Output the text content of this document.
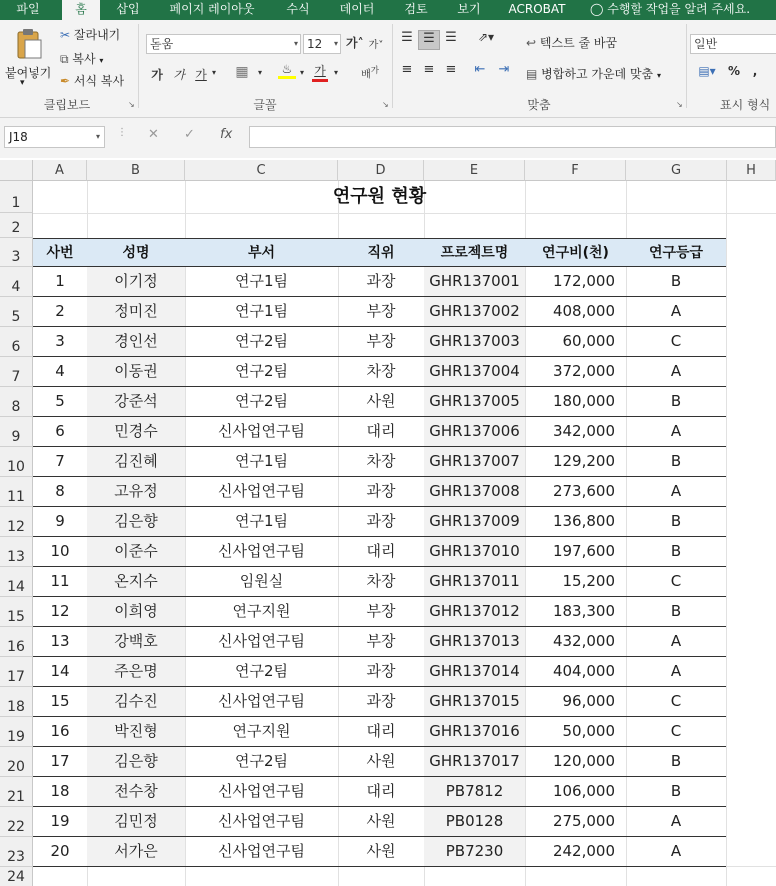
파일	홈	삽입	페이지 레이아웃	수식	데이터	검토	보기	ACROBAT	◯ 수행할 작업을 알려 주세요.
붙여넣기
▾
✂ 잘라내기
⧉ 복사 ▾
✒ 서식 복사
클립보드	↘
돋움	▾ 12 ▾ 가˄ 가˅
가 가 가 ▾ ▦ ▾	♨ ▾ 가 ▾	배$^가$
글꼴	↘
☰ ☰ ☰	⇗▾
≡ ≡ ≡	⇤	⇥
↩ 텍스트 줄 바꿈
▤ 병합하고 가운데 맞춤 ▾
맞춤	↘
일반
▤▾	% ,
표시 형식
J18	▾ ⋮ ✕ ✓ fx
A	B	C	D	E	F	G	H
1
2
3
4
5
6
7
8
9
10
11
12
13
14
15
16
17
18
19
20
21
22
23
24
연구원 현황
사번	성명	부서	직위	프로젝트명	연구비(천)	연구등급
1	이기정	연구1팀	과장	GHR137001	172,000	B
2	정미진	연구1팀	부장	GHR137002	408,000	A
3	경인선	연구2팀	부장	GHR137003	60,000	C
4	이동권	연구2팀	차장	GHR137004	372,000	A
5	강준석	연구2팀	사원	GHR137005	180,000	B
6	민경수	신사업연구팀	대리	GHR137006	342,000	A
7	김진혜	연구1팀	차장	GHR137007	129,200	B
8	고유정	신사업연구팀	과장	GHR137008	273,600	A
9	김은향	연구1팀	과장	GHR137009	136,800	B
10	이준수	신사업연구팀	대리	GHR137010	197,600	B
11	온지수	임원실	차장	GHR137011	15,200	C
12	이희영	연구지원	부장	GHR137012	183,300	B
13	강백호	신사업연구팀	부장	GHR137013	432,000	A
14	주은명	연구2팀	과장	GHR137014	404,000	A
15	김수진	신사업연구팀	과장	GHR137015	96,000	C
16	박진형	연구지원	대리	GHR137016	50,000	C
17	김은향	연구2팀	사원	GHR137017	120,000	B
18	전수창	신사업연구팀	대리	PB7812	106,000	B
19	김민정	신사업연구팀	사원	PB0128	275,000	A
20	서가은	신사업연구팀	사원	PB7230	242,000	A
